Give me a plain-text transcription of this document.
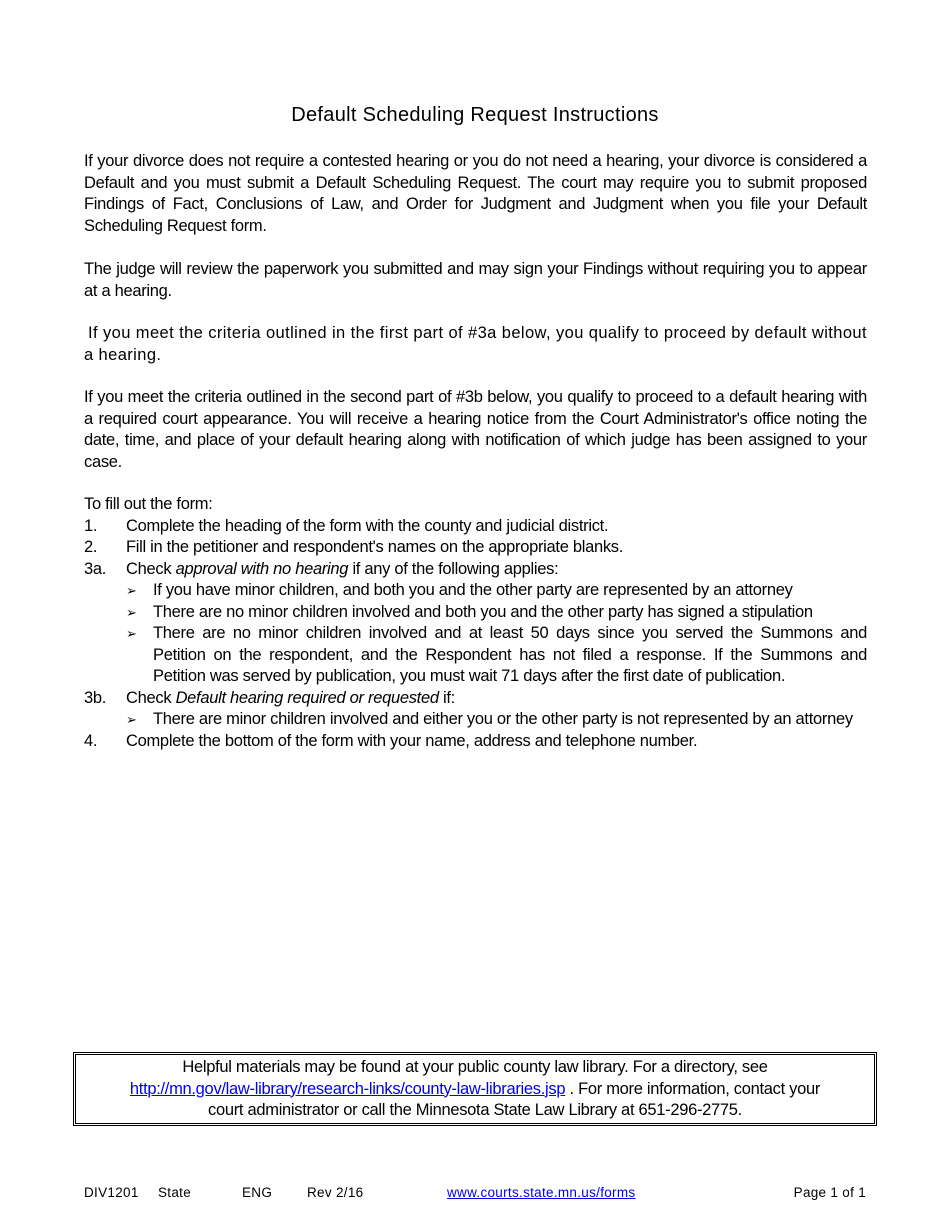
Default Scheduling Request Instructions
If your divorce does not require a contested hearing or you do not need a hearing, your divorce is considered a Default and you must submit a Default Scheduling Request. The court may require you to submit proposed Findings of Fact, Conclusions of Law, and Order for Judgment and Judgment when you file your Default Scheduling Request form.
The judge will review the paperwork you submitted and may sign your Findings without requiring you to appear at a hearing.
If you meet the criteria outlined in the first part of #3a below, you qualify to proceed by default without a hearing.
If you meet the criteria outlined in the second part of #3b below, you qualify to proceed to a default hearing with a required court appearance. You will receive a hearing notice from the Court Administrator's office noting the date, time, and place of your default hearing along with notification of which judge has been assigned to your case.
To fill out the form:
1.	Complete the heading of the form with the county and judicial district.
2.	Fill in the petitioner and respondent's names on the appropriate blanks.
3a.	Check approval with no hearing if any of the following applies:
➢ If you have minor children, and both you and the other party are represented by an attorney
➢ There are no minor children involved and both you and the other party has signed a stipulation
➢ There are no minor children involved and at least 50 days since you served the Summons and Petition on the respondent, and the Respondent has not filed a response. If the Summons and Petition was served by publication, you must wait 71 days after the first date of publication.
3b.	Check Default hearing required or requested if:
➢ There are minor children involved and either you or the other party is not represented by an attorney
4.	Complete the bottom of the form with your name, address and telephone number.
Helpful materials may be found at your public county law library. For a directory, see
http://mn.gov/law-library/research-links/county-law-libraries.jsp . For more information, contact your
court administrator or call the Minnesota State Law Library at 651-296-2775.
DIV1201 State	ENG	Rev 2/16	www.courts.state.mn.us/forms	Page 1 of 1
